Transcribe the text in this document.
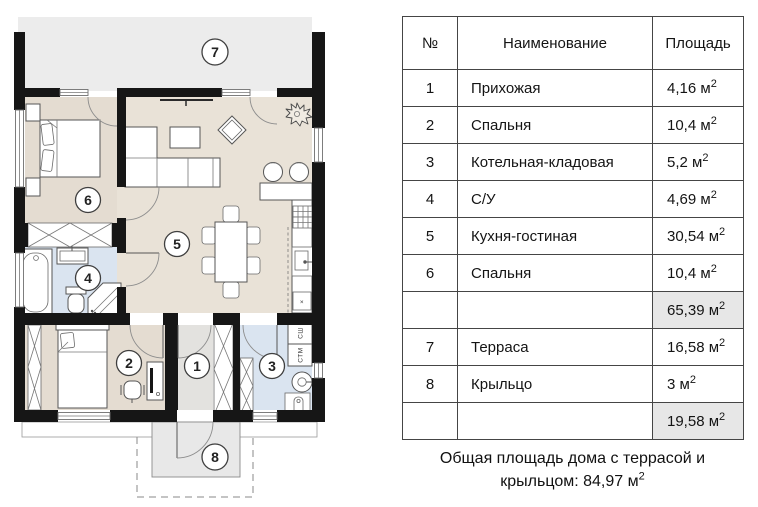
×
СШ
СТМ
1
2	3
4
5
6
7
8
№	Наименование	Площадь
1	Прихожая	4,16 $м^2$
2	Спальня	10,4 $м^2$
3	Котельная-кладовая	5,2 $м^2$
4	С/У	4,69 $м^2$
5	Кухня-гостиная	30,54 $м^2$
6	Спальня	10,4 $м^2$
		65,39 $м^2$
7	Терраса	16,58 $м^2$
8	Крыльцо	3 $м^2$
		19,58 $м^2$
Общая площадь дома с террасой и
крыльцом: 84,97 $м^2$
